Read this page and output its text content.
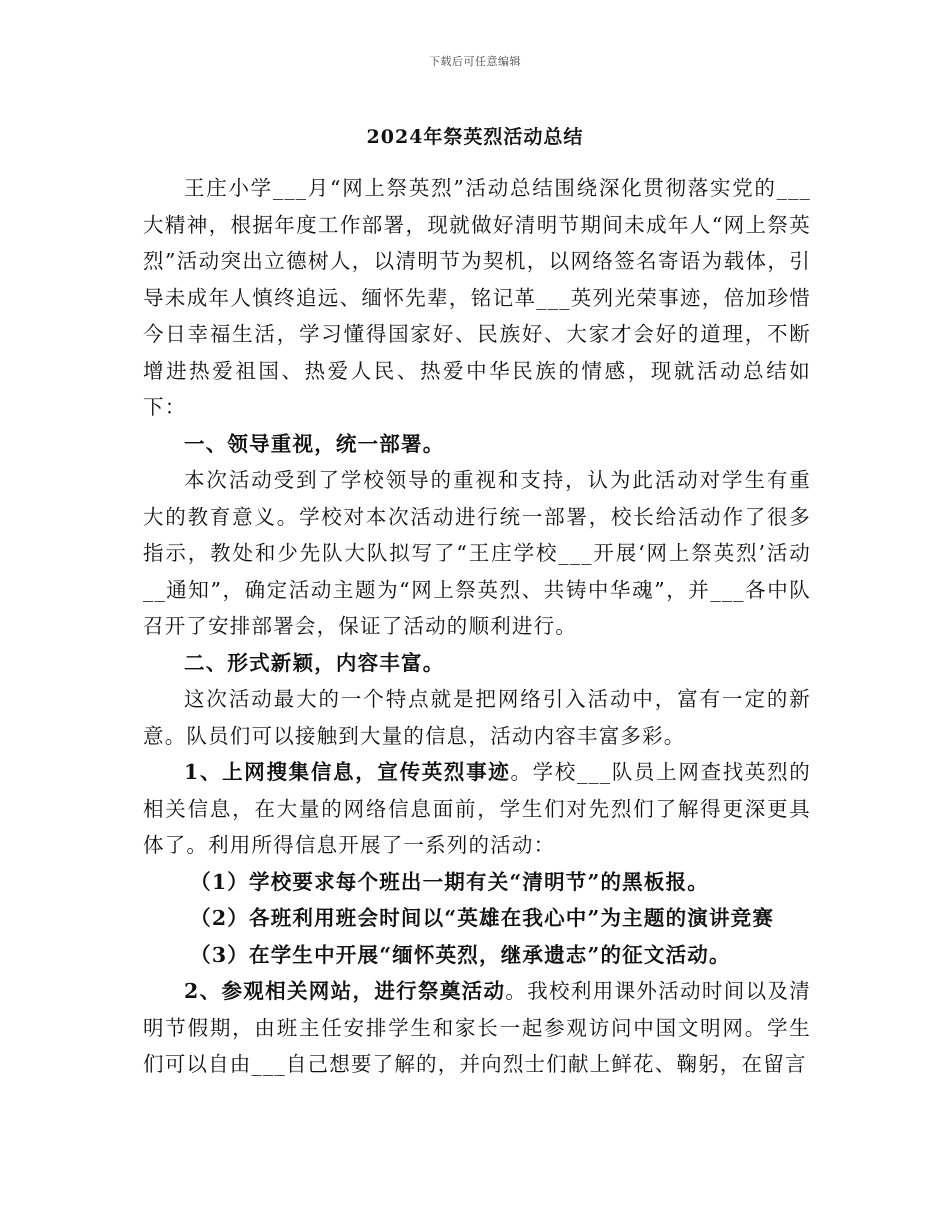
下载后可任意编辑
2024年祭英烈活动总结

王庄小学___月“网上祭英烈”活动总结围绕深化贯彻落实党的___大精神，根据年度工作部署，现就做好清明节期间未成年人“网上祭英烈”活动突出立德树人，以清明节为契机，以网络签名寄语为载体，引导未成年人慎终追远、缅怀先辈，铭记革___英列光荣事迹，倍加珍惜今日幸福生活，学习懂得国家好、民族好、大家才会好的道理，不断增进热爱祖国、热爱人民、热爱中华民族的情感，现就活动总结如下：

一、领导重视，统一部署。

本次活动受到了学校领导的重视和支持，认为此活动对学生有重大的教育意义。学校对本次活动进行统一部署，校长给活动作了很多指示，教处和少先队大队拟写了“王庄学校___开展‘网上祭英烈’活动__通知”，确定活动主题为“网上祭英烈、共铸中华魂”，并___各中队召开了安排部署会，保证了活动的顺利进行。

二、形式新颖，内容丰富。

这次活动最大的一个特点就是把网络引入活动中，富有一定的新意。队员们可以接触到大量的信息，活动内容丰富多彩。

1、上网搜集信息，宣传英烈事迹。学校___队员上网查找英烈的相关信息，在大量的网络信息面前，学生们对先烈们了解得更深更具体了。利用所得信息开展了一系列的活动：

（1）学校要求每个班出一期有关“清明节”的黑板报。

（2）各班利用班会时间以“英雄在我心中”为主题的演讲竞赛

（3）在学生中开展“缅怀英烈，继承遗志”的征文活动。

2、参观相关网站，进行祭奠活动。我校利用课外活动时间以及清明节假期，由班主任安排学生和家长一起参观访问中国文明网。学生们可以自由___自己想要了解的，并向烈士们献上鲜花、鞠躬，在留言
